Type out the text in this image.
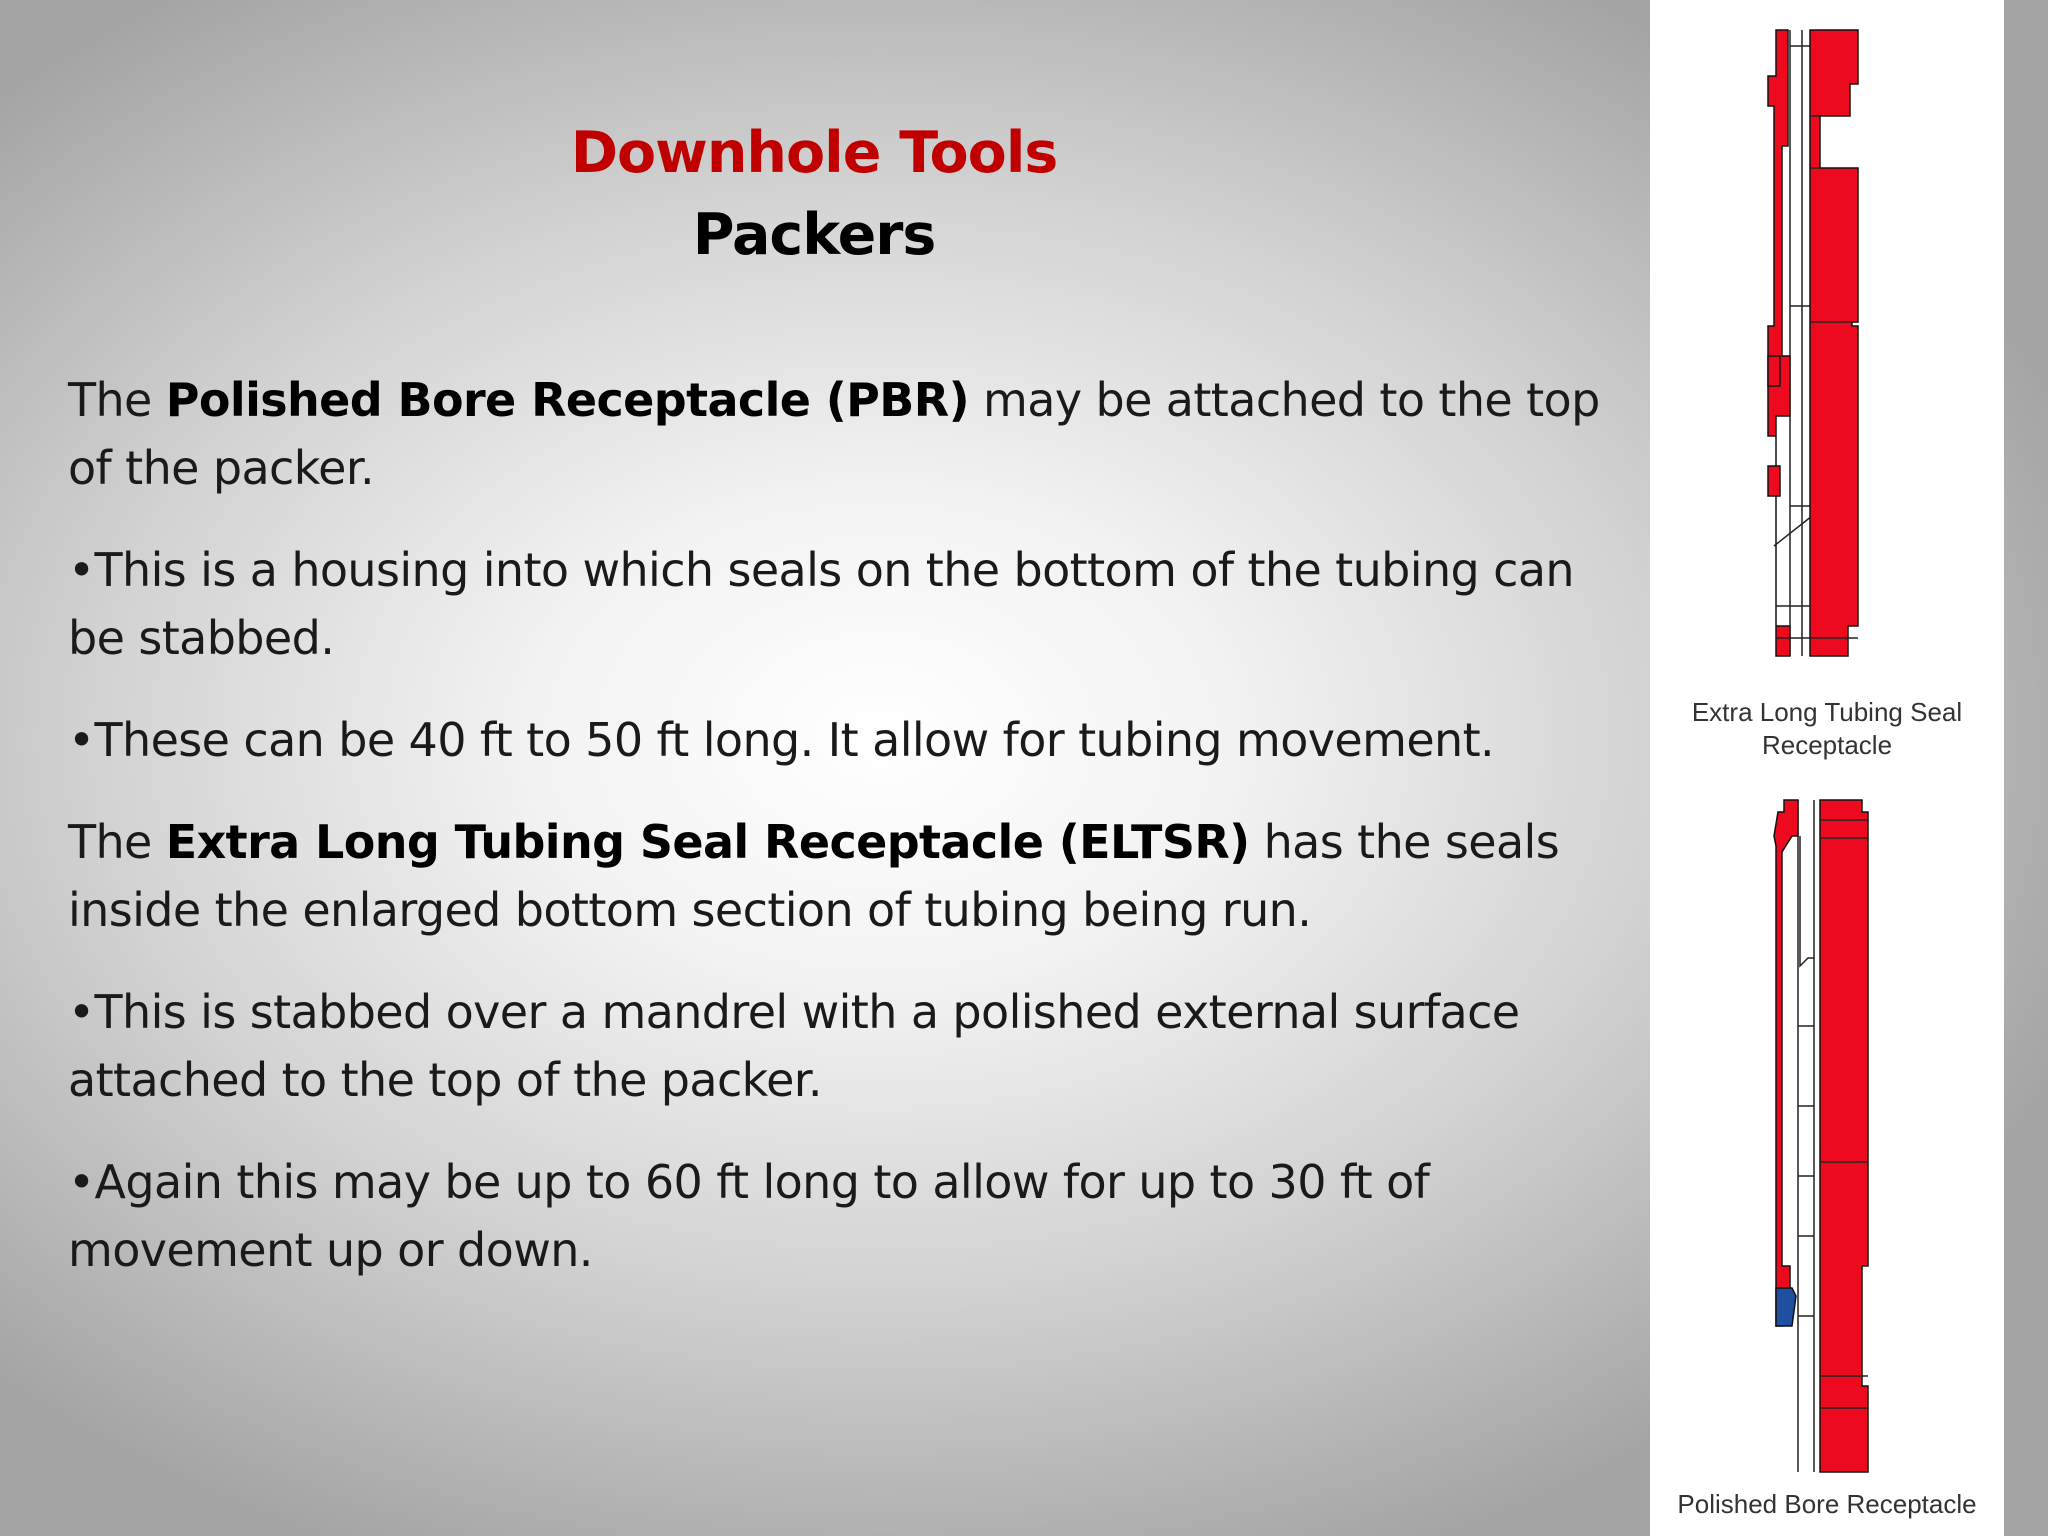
Downhole Tools
Packers

The Polished Bore Receptacle (PBR) may be attached to the top of the packer.

•This is a housing into which seals on the bottom of the tubing can be stabbed.

•These can be 40 ft to 50 ft long. It allow for tubing movement.

The Extra Long Tubing Seal Receptacle (ELTSR) has the seals inside the enlarged bottom section of tubing being run.

•This is stabbed over a mandrel with a polished external surface attached to the top of the packer.

•Again this may be up to 60 ft long to allow for up to 30 ft of movement up or down.

Extra Long Tubing Seal
Receptacle
Polished Bore Receptacle
